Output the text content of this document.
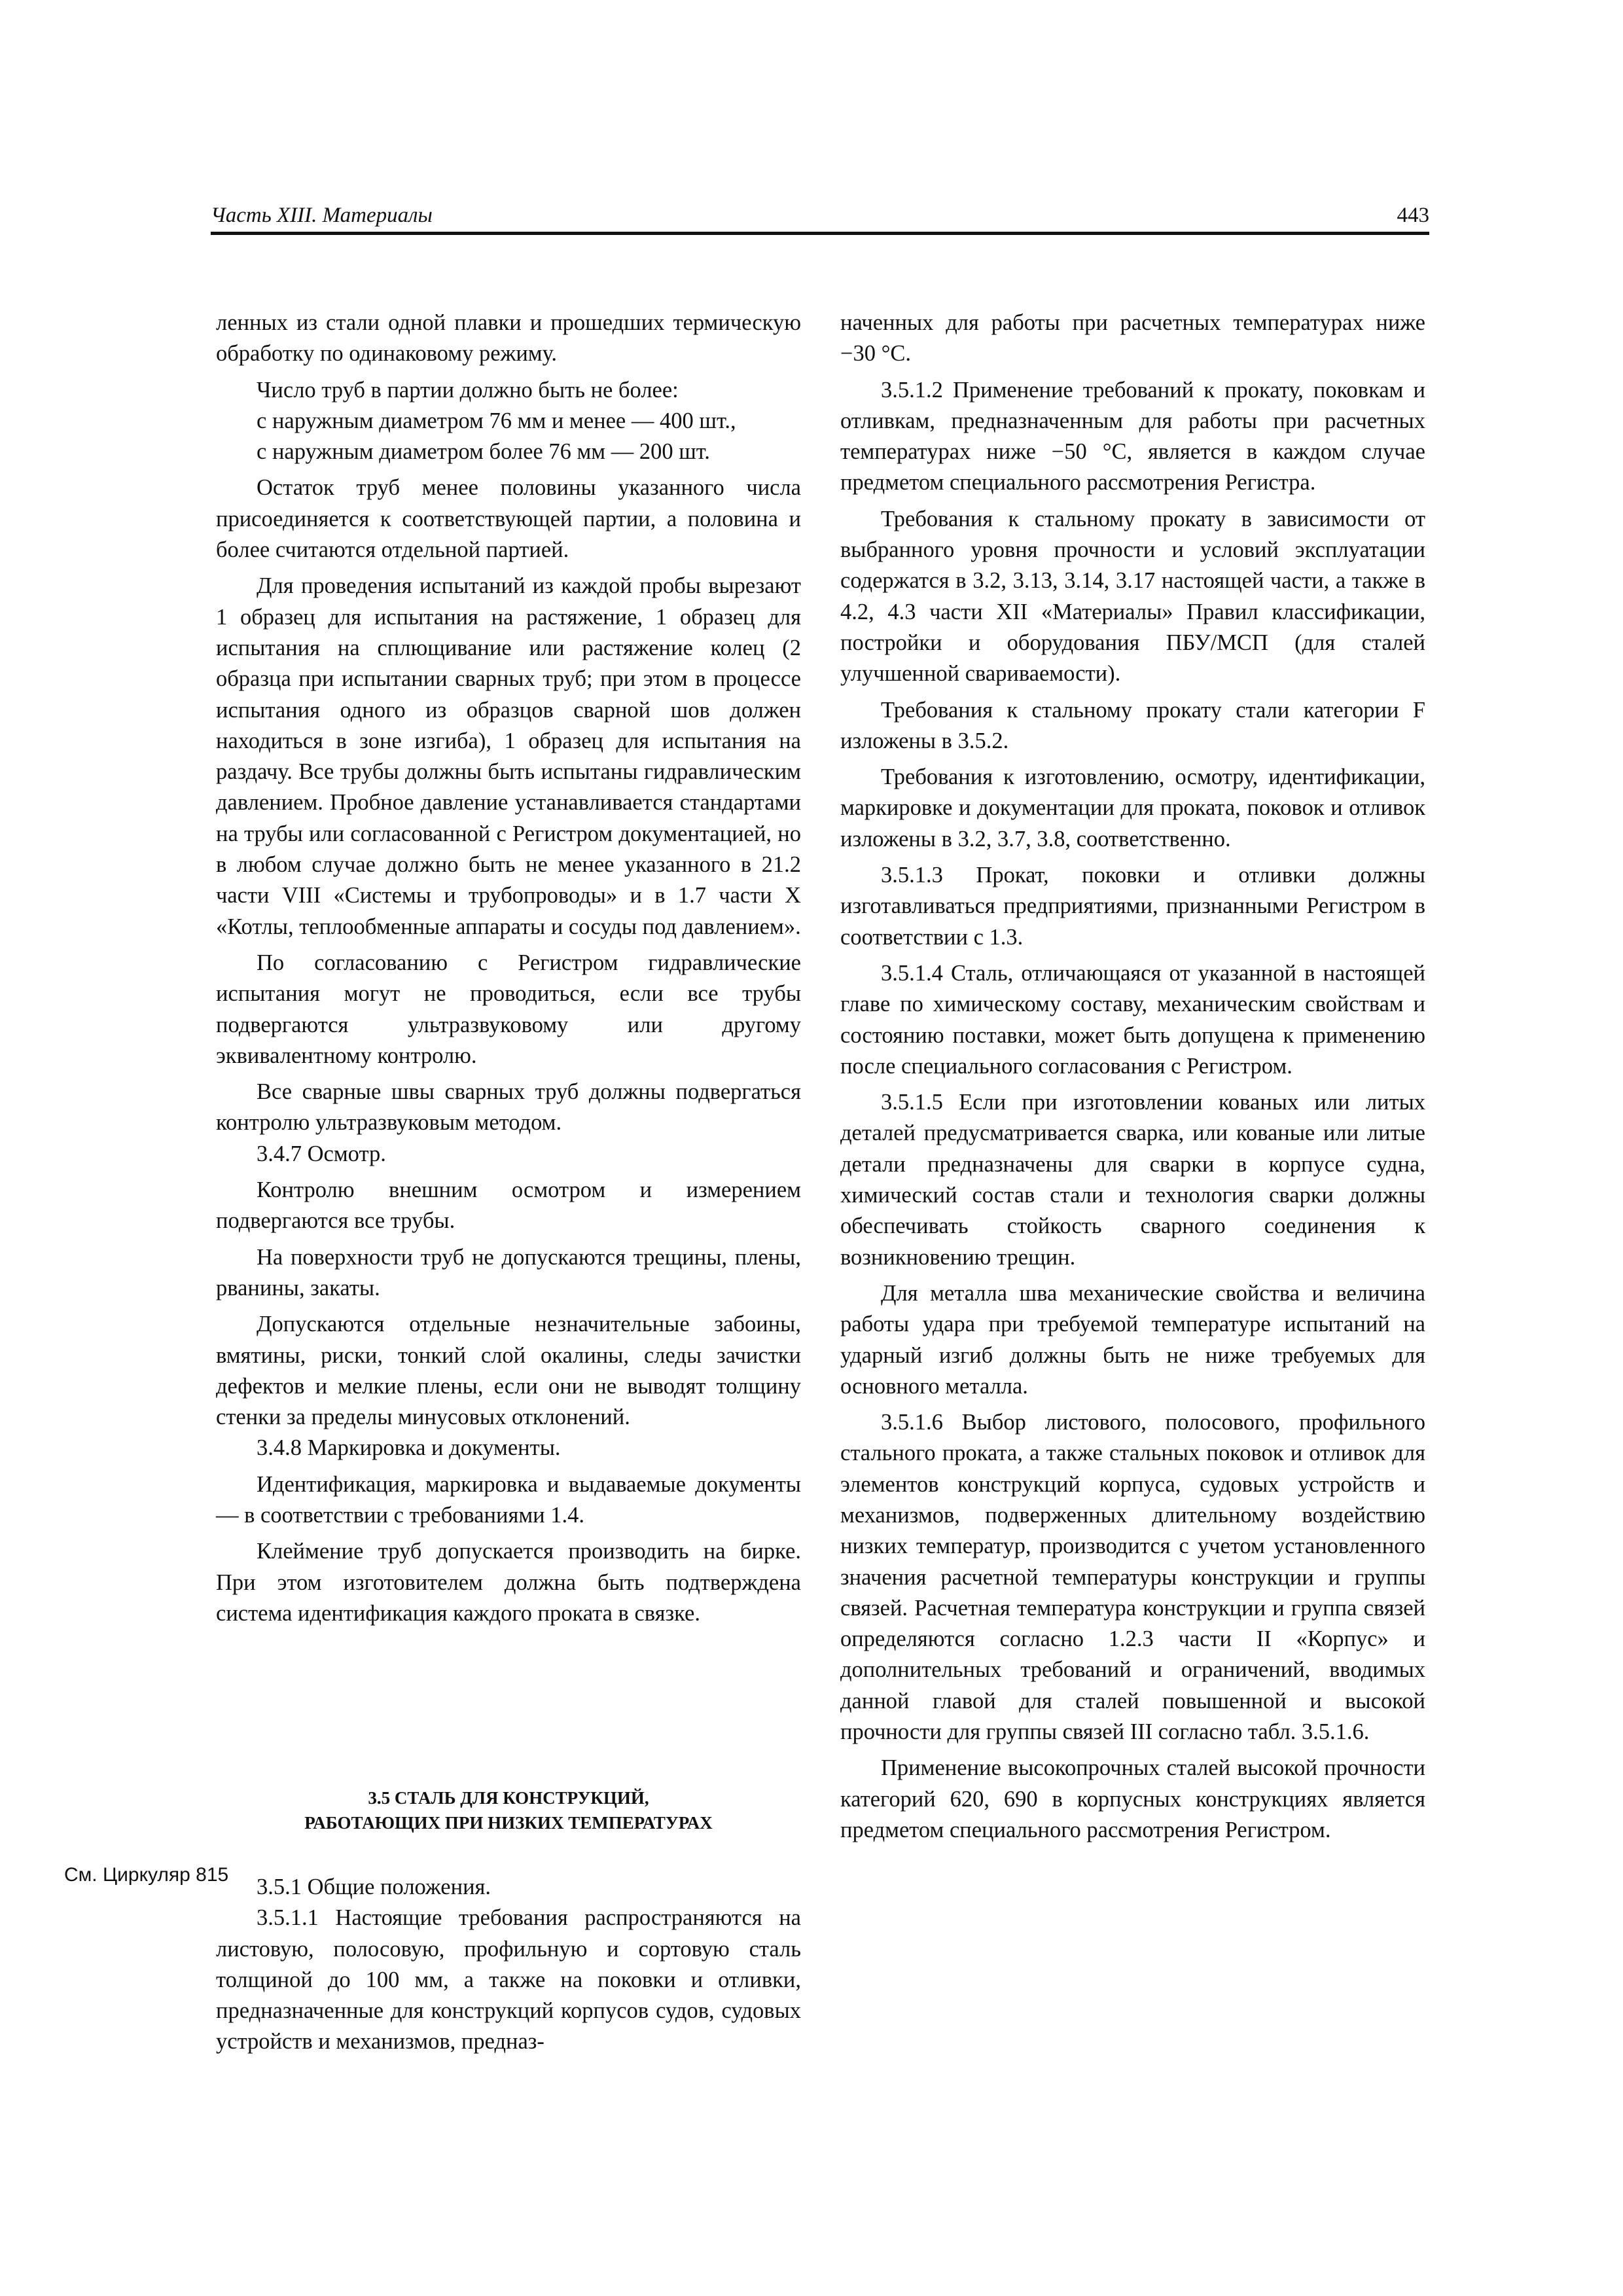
Часть XIII. Материалы	443

ленных из стали одной плавки и прошедших термическую обработку по одинаковому режиму.

Число труб в партии должно быть не более:

с наружным диаметром 76 мм и менее — 400 шт.,

с наружным диаметром более 76 мм — 200 шт.

Остаток труб менее половины указанного числа присоединяется к соответствующей партии, а половина и более считаются отдельной партией.

Для проведения испытаний из каждой пробы вырезают 1 образец для испытания на растяжение, 1 образец для испытания на сплющивание или растяжение колец (2 образца при испытании сварных труб; при этом в процессе испытания одного из образцов сварной шов должен находиться в зоне изгиба), 1 образец для испытания на раздачу. Все трубы должны быть испытаны гидравлическим давлением. Пробное давление устанавливается стандартами на трубы или согласованной с Регистром документацией, но в любом случае должно быть не менее указанного в 21.2 части VIII «Системы и трубопроводы» и в 1.7 части X «Котлы, теплообменные аппараты и сосуды под давлением».

По согласованию с Регистром гидравлические испытания могут не проводиться, если все трубы подвергаются ультразвуковому или другому эквивалентному контролю.

Все сварные швы сварных труб должны подвергаться контролю ультразвуковым методом.

3.4.7 Осмотр.

Контролю внешним осмотром и измерением подвергаются все трубы.

На поверхности труб не допускаются трещины, плены, рванины, закаты.

Допускаются отдельные незначительные забоины, вмятины, риски, тонкий слой окалины, следы зачистки дефектов и мелкие плены, если они не выводят толщину стенки за пределы минусовых отклонений.

3.4.8 Маркировка и документы.

Идентификация, маркировка и выдаваемые документы — в соответствии с требованиями 1.4.

Клеймение труб допускается производить на бирке. При этом изготовителем должна быть подтверждена система идентификация каждого проката в связке.

3.5 СТАЛЬ ДЛЯ КОНСТРУКЦИЙ,
РАБОТАЮЩИХ ПРИ НИЗКИХ ТЕМПЕРАТУРАХ
См. Циркуляр 815	3.5.1 Общие положения.

3.5.1.1 Настоящие требования распространяются на листовую, полосовую, профильную и сортовую сталь толщиной до 100 мм, а также на поковки и отливки, предназначенные для конструкций корпусов судов, судовых устройств и механизмов, предназ-

наченных для работы при расчетных температурах ниже −30 °С.

3.5.1.2 Применение требований к прокату, поковкам и отливкам, предназначенным для работы при расчетных температурах ниже −50 °С, является в каждом случае предметом специального рассмотрения Регистра.

Требования к стальному прокату в зависимости от выбранного уровня прочности и условий эксплуатации содержатся в 3.2, 3.13, 3.14, 3.17 настоящей части, а также в 4.2, 4.3 части XII «Материалы» Правил классификации, постройки и оборудования ПБУ/МСП (для сталей улучшенной свариваемости).

Требования к стальному прокату стали категории F изложены в 3.5.2.

Требования к изготовлению, осмотру, идентификации, маркировке и документации для проката, поковок и отливок изложены в 3.2, 3.7, 3.8, соответственно.

3.5.1.3 Прокат, поковки и отливки должны изготавливаться предприятиями, признанными Регистром в соответствии с 1.3.

3.5.1.4 Сталь, отличающаяся от указанной в настоящей главе по химическому составу, механическим свойствам и состоянию поставки, может быть допущена к применению после специального согласования с Регистром.

3.5.1.5 Если при изготовлении кованых или литых деталей предусматривается сварка, или кованые или литые детали предназначены для сварки в корпусе судна, химический состав стали и технология сварки должны обеспечивать стойкость сварного соединения к возникновению трещин.

Для металла шва механические свойства и величина работы удара при требуемой температуре испытаний на ударный изгиб должны быть не ниже требуемых для основного металла.

3.5.1.6 Выбор листового, полосового, профильного стального проката, а также стальных поковок и отливок для элементов конструкций корпуса, судовых устройств и механизмов, подверженных длительному воздействию низких температур, производится с учетом установленного значения расчетной температуры конструкции и группы связей. Расчетная температура конструкции и группа связей определяются согласно 1.2.3 части II «Корпус» и дополнительных требований и ограничений, вводимых данной главой для сталей повышенной и высокой прочности для группы связей III согласно табл. 3.5.1.6.

Применение высокопрочных сталей высокой прочности категорий 620, 690 в корпусных конструкциях является предметом специального рассмотрения Регистром.
